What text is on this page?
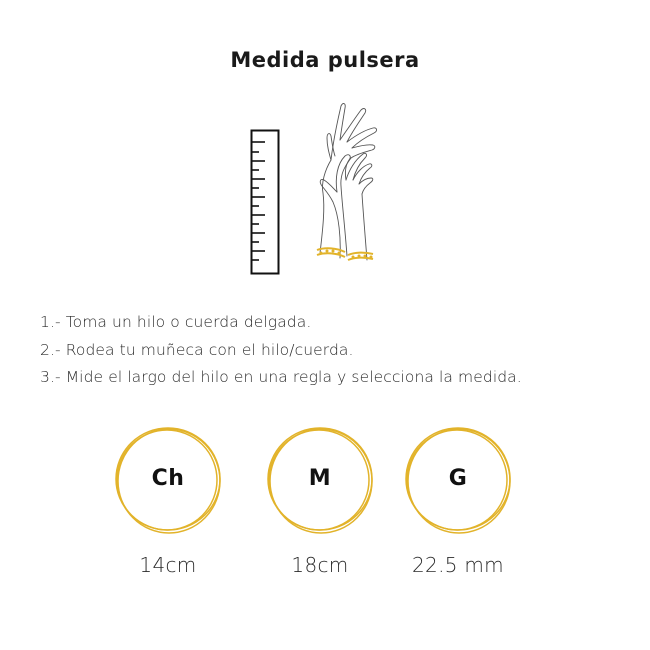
Medida pulsera
1.- Toma un hilo o cuerda delgada.
2.- Rodea tu muñeca con el hilo/cuerda.
3.- Mide el largo del hilo en una regla y selecciona la medida.
Ch
14cm
M
18cm
G
22.5 mm
